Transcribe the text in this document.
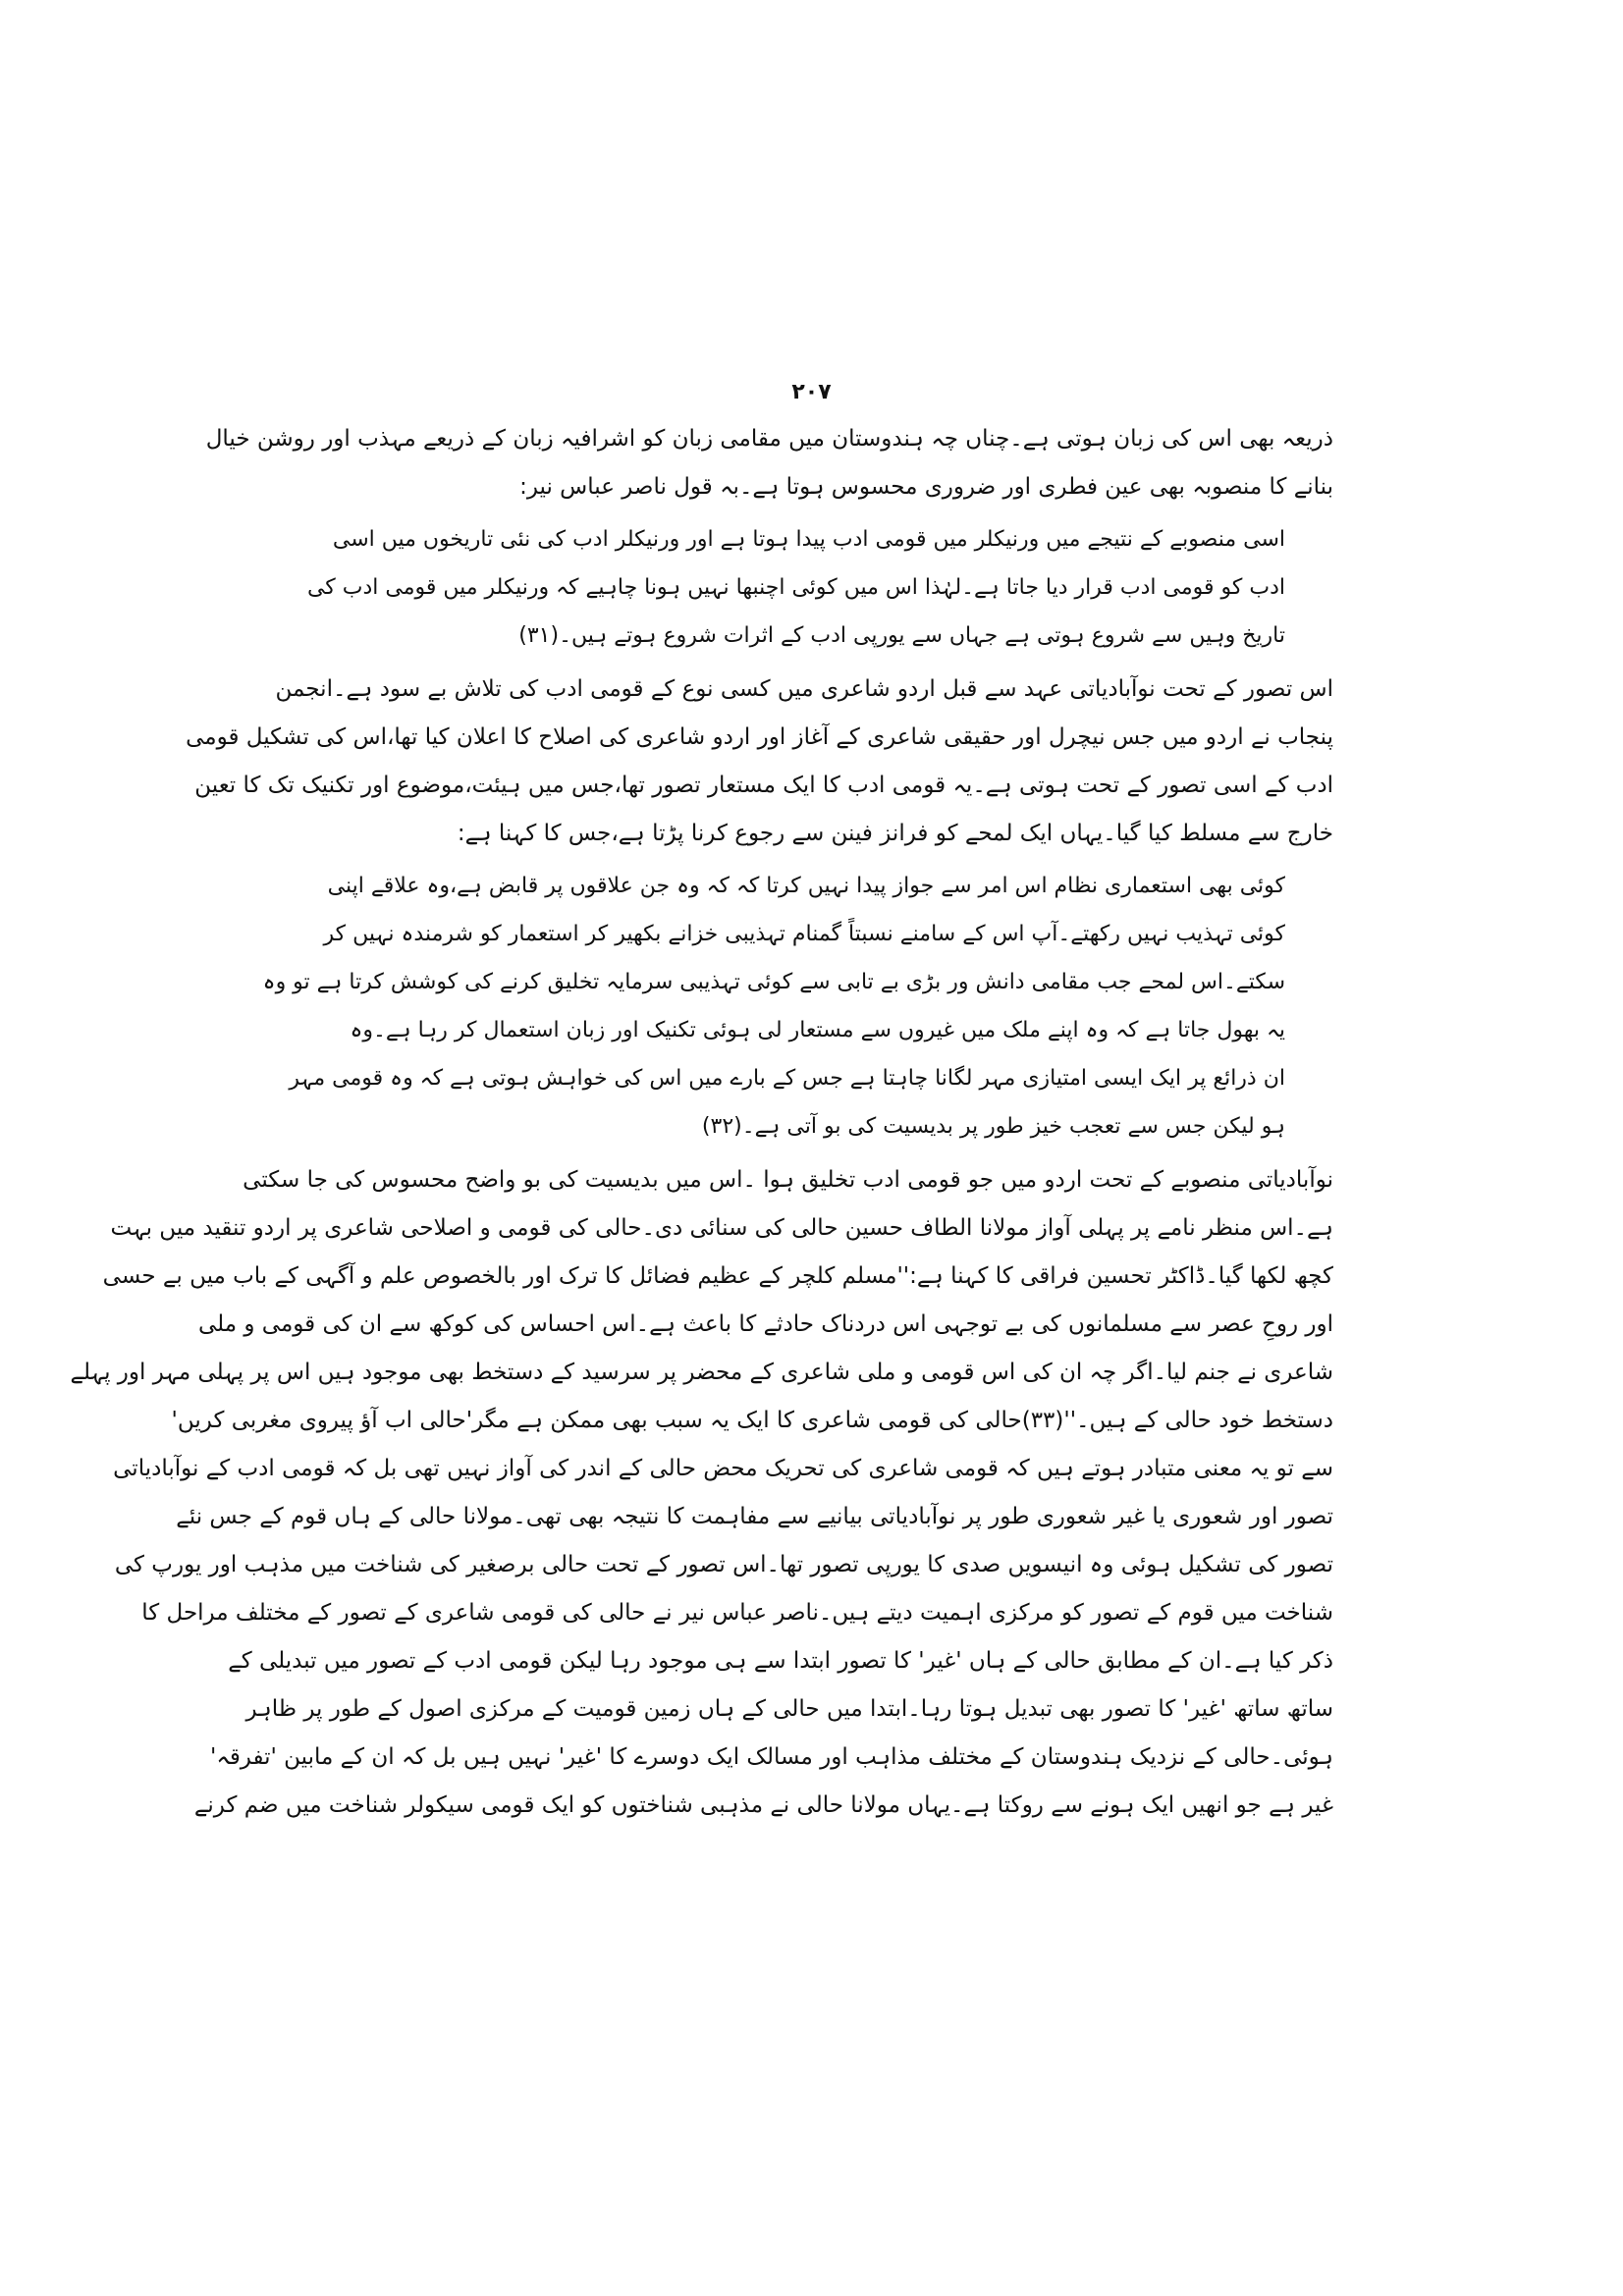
۲۰۷
ذریعہ بھی اس کی زبان ہوتی ہے۔چناں چہ ہندوستان میں مقامی زبان کو اشرافیہ زبان کے ذریعے مہذب اور روشن خیال
بنانے کا منصوبہ بھی عین فطری اور ضروری محسوس ہوتا ہے۔بہ قول ناصر عباس نیر:
اسی منصوبے کے نتیجے میں ورنیکلر میں قومی ادب پیدا ہوتا ہے اور ورنیکلر ادب کی نئی تاریخوں میں اسی
ادب کو قومی ادب قرار دیا جاتا ہے۔لہٰذا اس میں کوئی اچنبھا نہیں ہونا چاہیے کہ ورنیکلر میں قومی ادب کی
تاریخ وہیں سے شروع ہوتی ہے جہاں سے یورپی ادب کے اثرات شروع ہوتے ہیں۔(۳۱)
اس تصور کے تحت نوآبادیاتی عہد سے قبل اردو شاعری میں کسی نوع کے قومی ادب کی تلاش بے سود ہے۔انجمن
پنجاب نے اردو میں جس نیچرل اور حقیقی شاعری کے آغاز اور اردو شاعری کی اصلاح کا اعلان کیا تھا،اس کی تشکیل قومی
ادب کے اسی تصور کے تحت ہوتی ہے۔یہ قومی ادب کا ایک مستعار تصور تھا،جس میں ہیئت،موضوع اور تکنیک تک کا تعین
خارج سے مسلط کیا گیا۔یہاں ایک لمحے کو فرانز فینن سے رجوع کرنا پڑتا ہے،جس کا کہنا ہے:
کوئی بھی استعماری نظام اس امر سے جواز پیدا نہیں کرتا کہ کہ وہ جن علاقوں پر قابض ہے،وہ علاقے اپنی
کوئی تہذیب نہیں رکھتے۔آپ اس کے سامنے نسبتاً گمنام تہذیبی خزانے بکھیر کر استعمار کو شرمندہ نہیں کر
سکتے۔اس لمحے جب مقامی دانش ور بڑی بے تابی سے کوئی تہذیبی سرمایہ تخلیق کرنے کی کوشش کرتا ہے تو وہ
یہ بھول جاتا ہے کہ وہ اپنے ملک میں غیروں سے مستعار لی ہوئی تکنیک اور زبان استعمال کر رہا ہے۔وہ
ان ذرائع پر ایک ایسی امتیازی مہر لگانا چاہتا ہے جس کے بارے میں اس کی خواہش ہوتی ہے کہ وہ قومی مہر
ہو لیکن جس سے تعجب خیز طور پر بدیسیت کی بو آتی ہے۔(۳۲)
نوآبادیاتی منصوبے کے تحت اردو میں جو قومی ادب تخلیق ہوا ۔اس میں بدیسیت کی بو واضح محسوس کی جا سکتی
ہے۔اس منظر نامے پر پہلی آواز مولانا الطاف حسین حالی کی سنائی دی۔حالی کی قومی و اصلاحی شاعری پر اردو تنقید میں بہت
کچھ لکھا گیا۔ڈاکٹر تحسین فراقی کا کہنا ہے:''مسلم کلچر کے عظیم فضائل کا ترک اور بالخصوص علم و آگہی کے باب میں بے حسی
اور روحِ عصر سے مسلمانوں کی بے توجہی اس دردناک حادثے کا باعث ہے۔اس احساس کی کوکھ سے ان کی قومی و ملی
شاعری نے جنم لیا۔اگر چہ ان کی اس قومی و ملی شاعری کے محضر پر سرسید کے دستخط بھی موجود ہیں اس پر پہلی مہر اور پہلے
دستخط خود حالی کے ہیں۔''(۳۳)حالی کی قومی شاعری کا ایک یہ سبب بھی ممکن ہے مگر'حالی اب آؤ پیروی مغربی کریں'
سے تو یہ معنی متبادر ہوتے ہیں کہ قومی شاعری کی تحریک محض حالی کے اندر کی آواز نہیں تھی بل کہ قومی ادب کے نوآبادیاتی
تصور اور شعوری یا غیر شعوری طور پر نوآبادیاتی بیانیے سے مفاہمت کا نتیجہ بھی تھی۔مولانا حالی کے ہاں قوم کے جس نئے
تصور کی تشکیل ہوئی وہ انیسویں صدی کا یورپی تصور تھا۔اس تصور کے تحت حالی برصغیر کی شناخت میں مذہب اور یورپ کی
شناخت میں قوم کے تصور کو مرکزی اہمیت دیتے ہیں۔ناصر عباس نیر نے حالی کی قومی شاعری کے تصور کے مختلف مراحل کا
ذکر کیا ہے۔ان کے مطابق حالی کے ہاں 'غیر' کا تصور ابتدا سے ہی موجود رہا لیکن قومی ادب کے تصور میں تبدیلی کے
ساتھ ساتھ 'غیر' کا تصور بھی تبدیل ہوتا رہا۔ابتدا میں حالی کے ہاں زمین قومیت کے مرکزی اصول کے طور پر ظاہر
ہوئی۔حالی کے نزدیک ہندوستان کے مختلف مذاہب اور مسالک ایک دوسرے کا 'غیر' نہیں ہیں بل کہ ان کے مابین 'تفرقہ'
غیر ہے جو انھیں ایک ہونے سے روکتا ہے۔یہاں مولانا حالی نے مذہبی شناختوں کو ایک قومی سیکولر شناخت میں ضم کرنے
